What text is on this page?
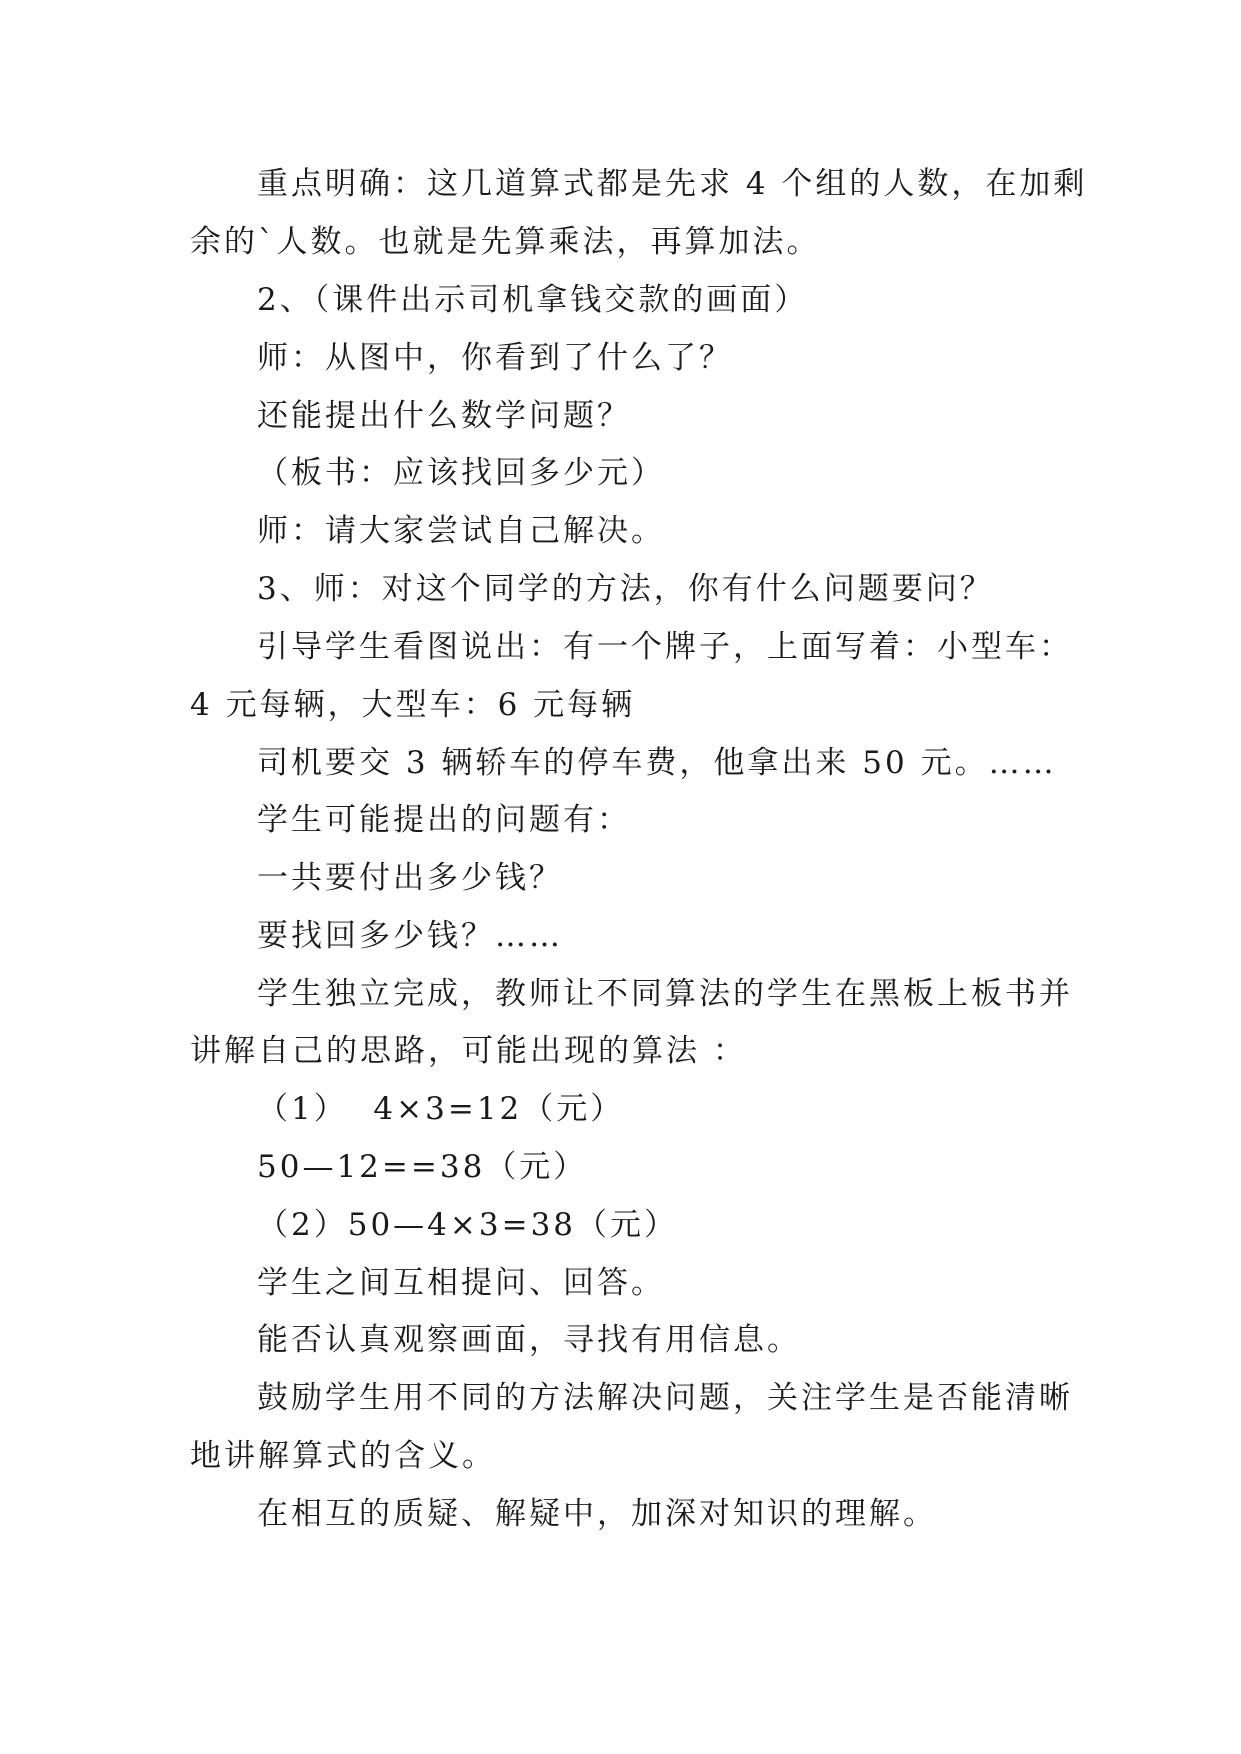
重点明确：这几道算式都是先求 4 个组的人数，在加剩
余的`人数。也就是先算乘法，再算加法。
2、（课件出示司机拿钱交款的画面）
师：从图中，你看到了什么了？
还能提出什么数学问题？
（板书：应该找回多少元）
师：请大家尝试自己解决。
3、师：对这个同学的方法，你有什么问题要问？
引导学生看图说出：有一个牌子，上面写着：小型车：
4 元每辆，大型车：6 元每辆
司机要交 3 辆轿车的停车费，他拿出来 50 元。……
学生可能提出的问题有：
一共要付出多少钱？
要找回多少钱？……
学生独立完成，教师让不同算法的学生在黑板上板书并
讲解自己的思路，可能出现的算法 ：
（1）  4×3=12（元）
50—12==38（元）
（2）50—4×3=38（元）
学生之间互相提问、回答。
能否认真观察画面，寻找有用信息。
鼓励学生用不同的方法解决问题，关注学生是否能清晰
地讲解算式的含义。
在相互的质疑、解疑中，加深对知识的理解。
